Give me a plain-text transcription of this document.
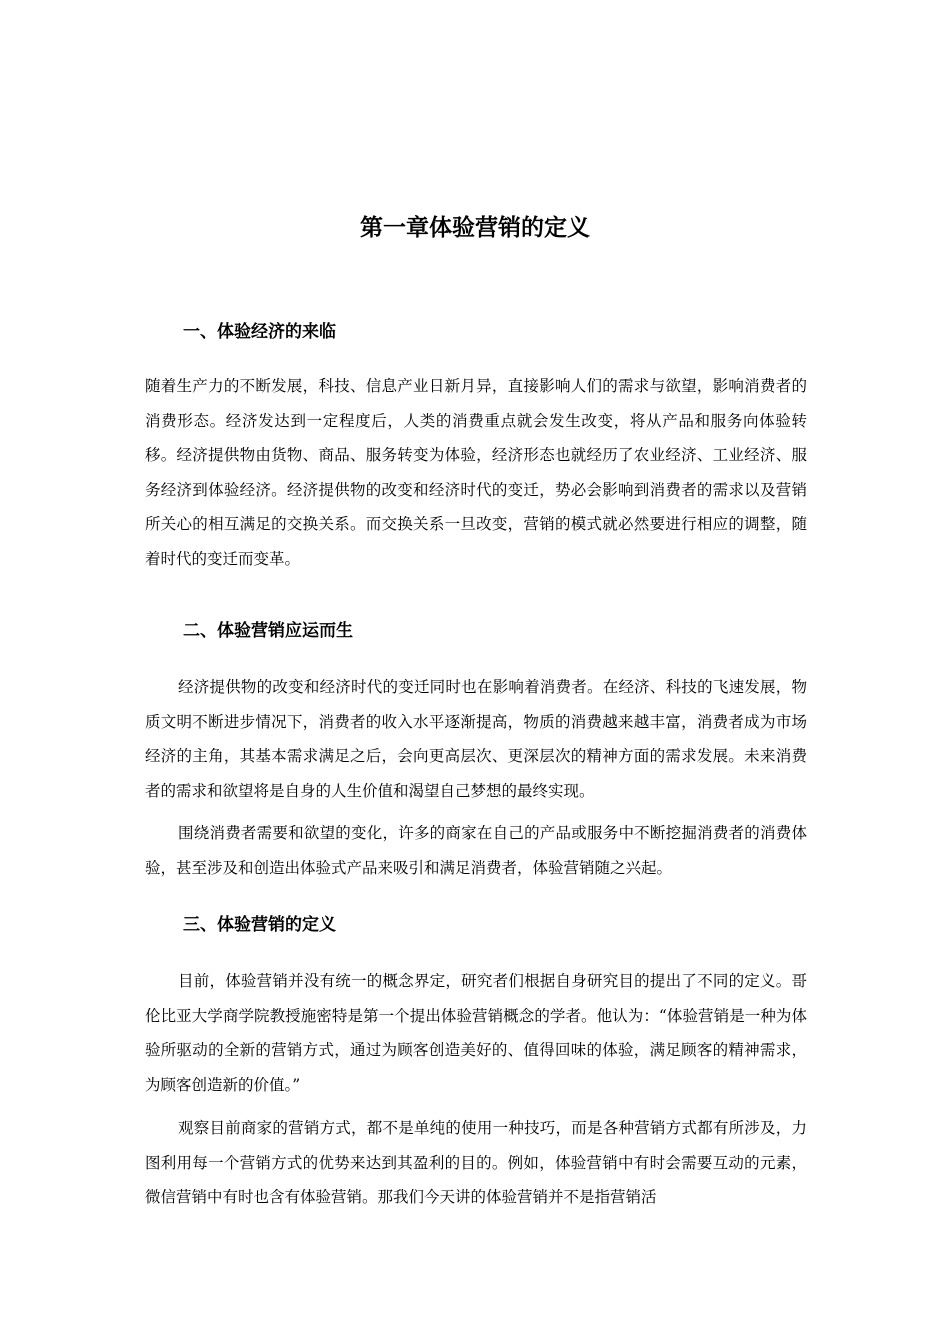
第一章体验营销的定义
一、体验经济的来临

随着生产力的不断发展，科技、信息产业日新月异，直接影响人们的需求与欲望，影响消费者的消费形态。经济发达到一定程度后，人类的消费重点就会发生改变，将从产品和服务向体验转移。经济提供物由货物、商品、服务转变为体验，经济形态也就经历了农业经济、工业经济、服务经济到体验经济。经济提供物的改变和经济时代的变迁，势必会影响到消费者的需求以及营销所关心的相互满足的交换关系。而交换关系一旦改变，营销的模式就必然要进行相应的调整，随着时代的变迁而变革。

二、体验营销应运而生

经济提供物的改变和经济时代的变迁同时也在影响着消费者。在经济、科技的飞速发展，物质文明不断进步情况下，消费者的收入水平逐渐提高，物质的消费越来越丰富，消费者成为市场经济的主角，其基本需求满足之后，会向更高层次、更深层次的精神方面的需求发展。未来消费者的需求和欲望将是自身的人生价值和渴望自己梦想的最终实现。

围绕消费者需要和欲望的变化，许多的商家在自己的产品或服务中不断挖掘消费者的消费体验，甚至涉及和创造出体验式产品来吸引和满足消费者，体验营销随之兴起。

三、体验营销的定义

目前，体验营销并没有统一的概念界定，研究者们根据自身研究目的提出了不同的定义。哥伦比亚大学商学院教授施密特是第一个提出体验营销概念的学者。他认为：“体验营销是一种为体验所驱动的全新的营销方式，通过为顾客创造美好的、值得回味的体验，满足顾客的精神需求，为顾客创造新的价值。”

观察目前商家的营销方式，都不是单纯的使用一种技巧，而是各种营销方式都有所涉及，力图利用每一个营销方式的优势来达到其盈利的目的。例如，体验营销中有时会需要互动的元素，微信营销中有时也含有体验营销。那我们今天讲的体验营销并不是指营销活
